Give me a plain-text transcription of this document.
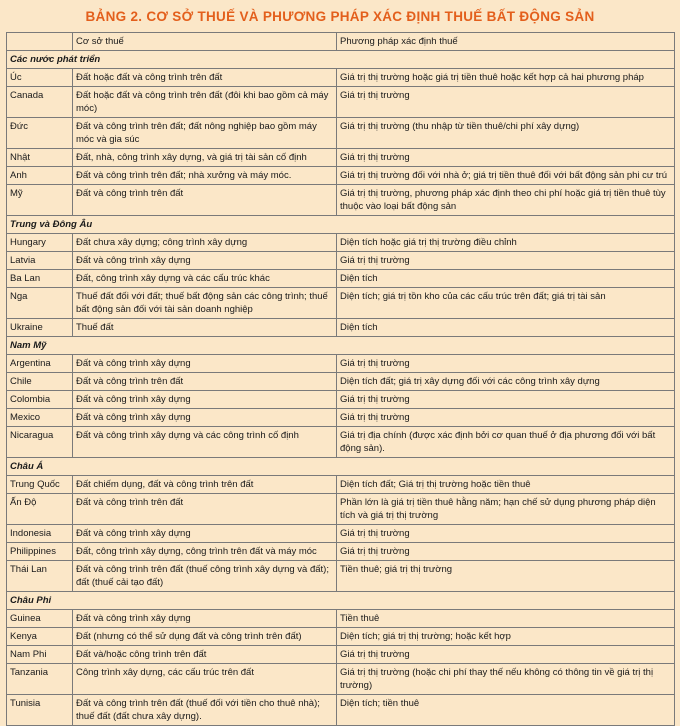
BẢNG 2. CƠ SỞ THUẾ VÀ PHƯƠNG PHÁP XÁC ĐỊNH THUẾ BẤT ĐỘNG SẢN
	Cơ sở thuế	Phương pháp xác định thuế
Các nước phát triển		
Úc	Đất hoặc đất và công trình trên đất	Giá trị thị trường hoặc giá trị tiền thuê hoặc kết hợp cả hai phương pháp
Canada	Đất hoặc đất và công trình trên đất (đôi khi bao gồm cả máy móc)	Giá trị thị trường
Đức	Đất và công trình trên đất; đất nông nghiệp bao gồm máy móc và gia súc	Giá trị thị trường (thu nhập từ tiền thuê/chi phí xây dựng)
Nhật	Đất, nhà, công trình xây dựng, và giá trị tài sản cố định	Giá trị thị trường
Anh	Đất và công trình trên đất; nhà xưởng và máy móc.	Giá trị thị trường đối với nhà ở; giá trị tiền thuê đối với bất động sản phi cư trú
Mỹ	Đất và công trình trên đất	Giá trị thị trường, phương pháp xác định theo chi phí hoặc giá trị tiền thuê tùy thuộc vào loại bất động sản
Trung và Đông Âu		
Hungary	Đất chưa xây dựng; công trình xây dựng	Diện tích hoặc giá trị thị trường điều chỉnh
Latvia	Đất và công trình xây dựng	Giá trị thị trường
Ba Lan	Đất, công trình xây dựng và các cấu trúc khác	Diện tích
Nga	Thuế đất đối với đất; thuế bất động sản các công trình; thuế bất động sản đối với tài sản doanh nghiệp	Diện tích; giá trị tồn kho của các cấu trúc trên đất; giá trị tài sản
Ukraine	Thuế đất	Diện tích
Nam Mỹ		
Argentina	Đất và công trình xây dựng	Giá trị thị trường
Chile	Đất và công trình trên đất	Diện tích đất; giá trị xây dựng đối với các công trình xây dựng
Colombia	Đất và công trình xây dựng	Giá trị thị trường
Mexico	Đất và công trình xây dựng	Giá trị thị trường
Nicaragua	Đất và công trình xây dựng và các công trình cố định	Giá trị địa chính (được xác định bởi cơ quan thuế ở địa phương đối với bất động sản).
Châu Á		
Trung Quốc	Đất chiếm dụng, đất và công trình trên đất	Diện tích đất; Giá trị thị trường hoặc tiền thuê
Ấn Độ	Đất và công trình trên đất	Phần lớn là giá trị tiền thuê hằng năm; hạn chế sử dụng phương pháp diện tích và giá trị thị trường
Indonesia	Đất và công trình xây dựng	Giá trị thị trường
Philippines	Đất, công trình xây dựng, công trình trên đất và máy móc	Giá trị thị trường
Thái Lan	Đất và công trình trên đất (thuế công trình xây dựng và đất); đất (thuế cải tạo đất)	Tiền thuê; giá trị thị trường
Châu Phi		
Guinea	Đất và công trình xây dựng	Tiền thuê
Kenya	Đất (nhưng có thể sử dụng đất và công trình trên đất)	Diện tích; giá trị thị trường; hoặc kết hợp
Nam Phi	Đất và/hoặc công trình trên đất	Giá trị thị trường
Tanzania	Công trình xây dựng, các cấu trúc trên đất	Giá trị thị trường (hoặc chi phí thay thế nếu không có thông tin về giá trị thị trường)
Tunisia	Đất và công trình trên đất (thuế đối với tiền cho thuê nhà); thuế đất (đất chưa xây dựng).	Diện tích; tiền thuê
